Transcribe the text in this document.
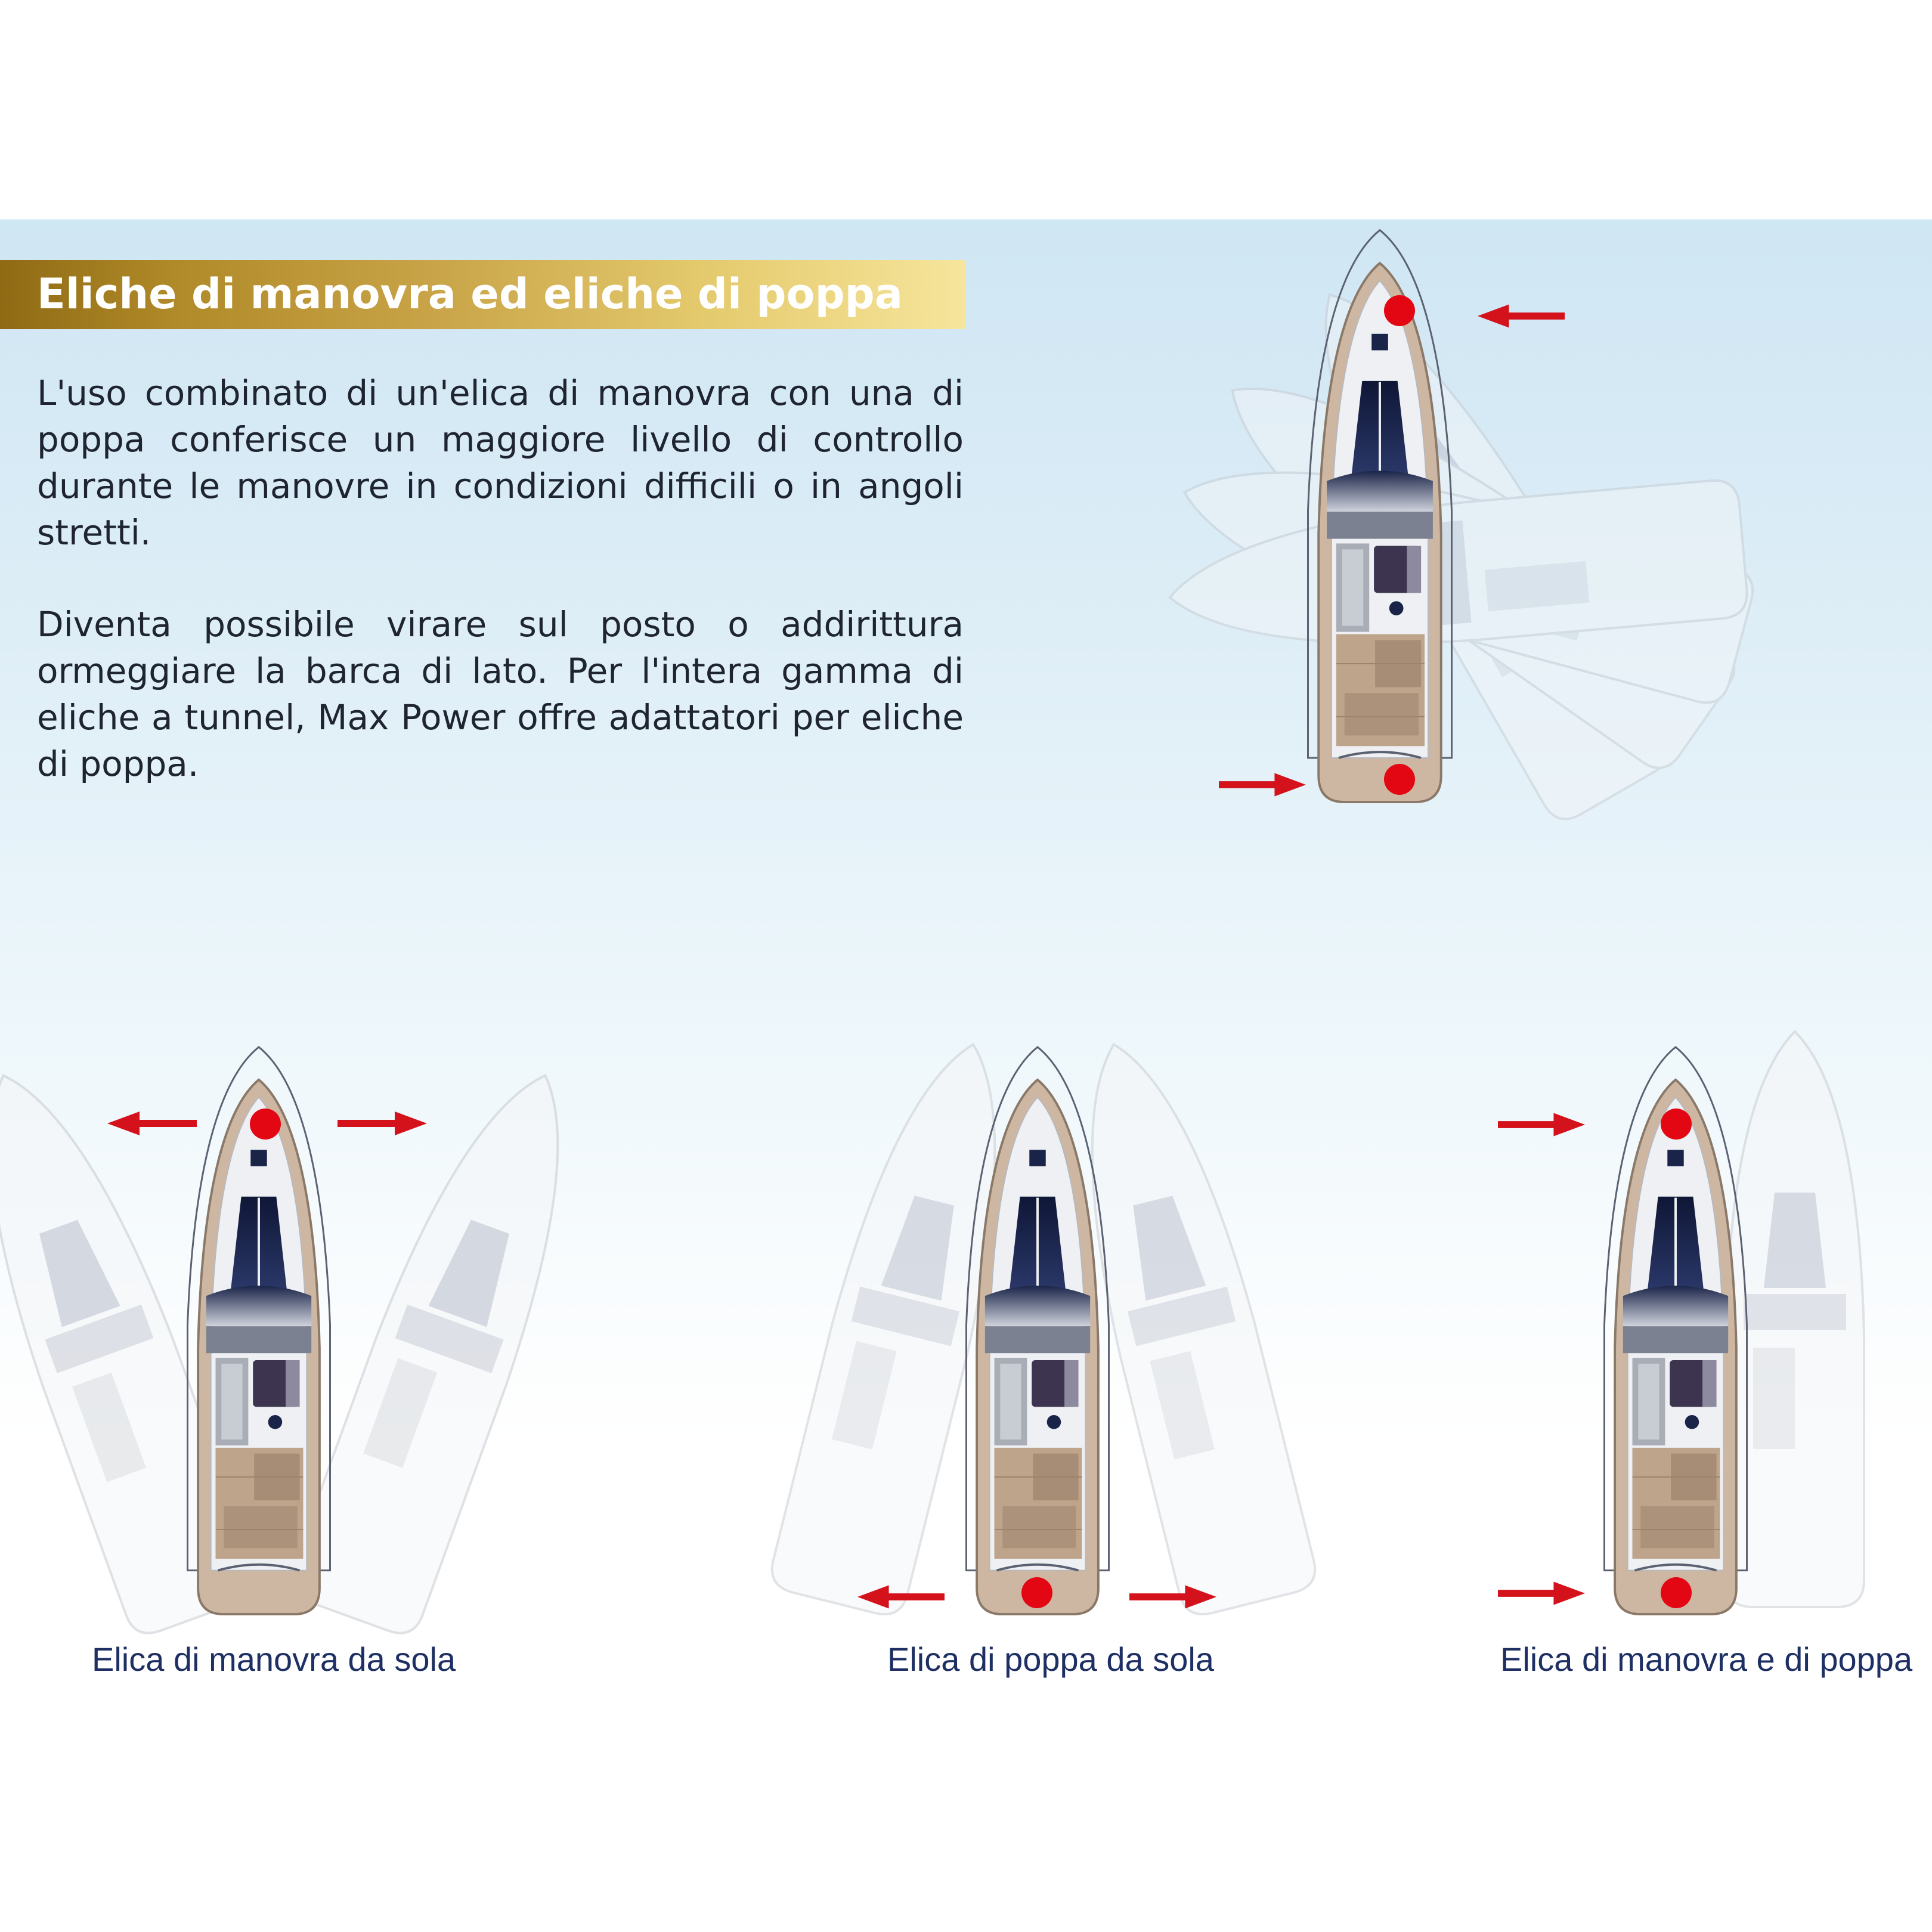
Eliche di manovra ed eliche di poppa

L'uso combinato di un'elica di manovra con una di poppa conferisce un maggiore livello di controllo durante le manovre in condizioni difficili o in angoli stretti.

Diventa possibile virare sul posto o addirittura ormeggiare la barca di lato. Per l'intera gamma di eliche a tunnel, Max Power offre adattatori per eliche di poppa.

Elica di manovra da sola	Elica di poppa da sola	Elica di manovra e di poppa
